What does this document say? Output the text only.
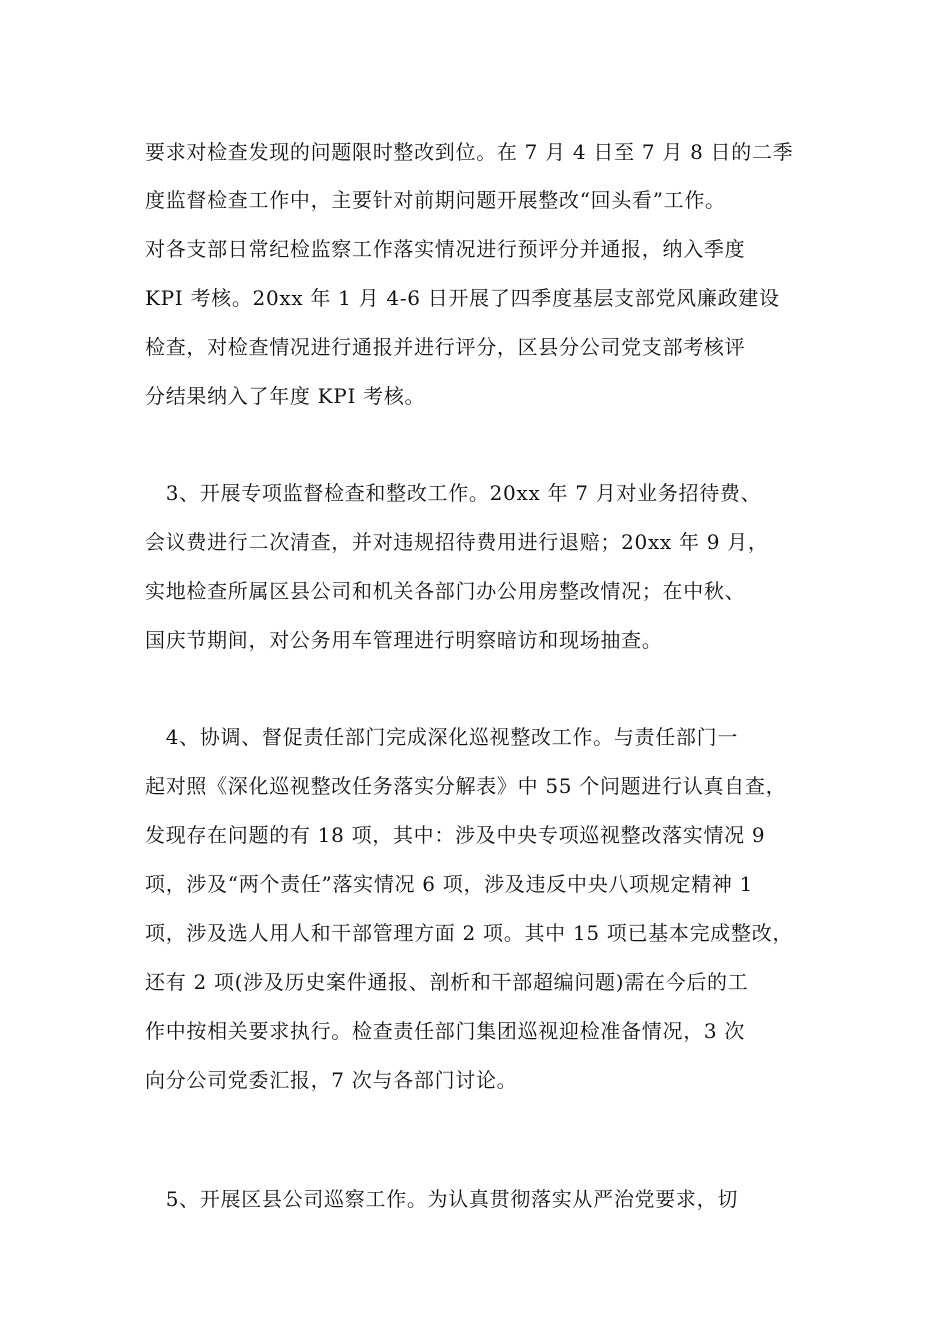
要求对检查发现的问题限时整改到位。在 7 月 4 日至 7 月 8 日的二季
度监督检查工作中，主要针对前期问题开展整改“回头看”工作。
对各支部日常纪检监察工作落实情况进行预评分并通报，纳入季度
KPI 考核。20xx 年 1 月 4-6 日开展了四季度基层支部党风廉政建设
检查，对检查情况进行通报并进行评分，区县分公司党支部考核评
分结果纳入了年度 KPI 考核。
　3、开展专项监督检查和整改工作。20xx 年 7 月对业务招待费、
会议费进行二次清查，并对违规招待费用进行退赔；20xx 年 9 月，
实地检查所属区县公司和机关各部门办公用房整改情况；在中秋、
国庆节期间，对公务用车管理进行明察暗访和现场抽查。
　4、协调、督促责任部门完成深化巡视整改工作。与责任部门一
起对照《深化巡视整改任务落实分解表》中 55 个问题进行认真自查，
发现存在问题的有 18 项，其中：涉及中央专项巡视整改落实情况 9
项，涉及“两个责任”落实情况 6 项，涉及违反中央八项规定精神 1
项，涉及选人用人和干部管理方面 2 项。其中 15 项已基本完成整改，
还有 2 项(涉及历史案件通报、剖析和干部超编问题)需在今后的工
作中按相关要求执行。检查责任部门集团巡视迎检准备情况，3 次
向分公司党委汇报，7 次与各部门讨论。
　5、开展区县公司巡察工作。为认真贯彻落实从严治党要求，切
